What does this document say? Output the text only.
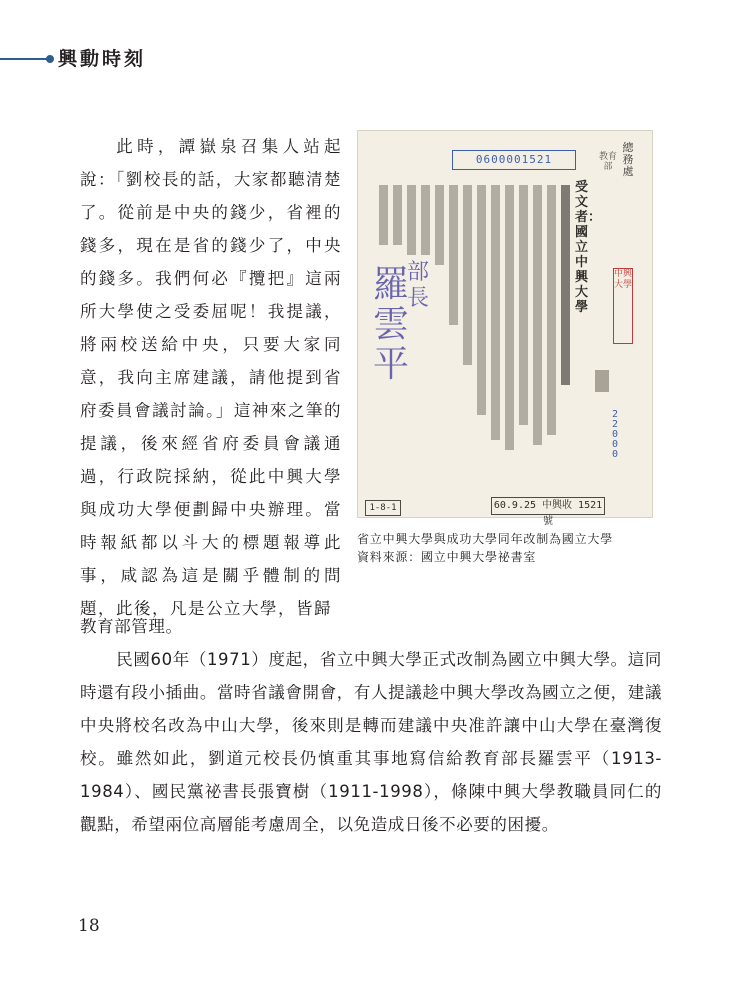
興動時刻

此時，譚嶽泉召集人站起說：「劉校長的話，大家都聽清楚了。從前是中央的錢少，省裡的錢多，現在是省的錢少了，中央的錢多。我們何必『攬把』這兩所大學使之受委屈呢！我提議，將兩校送給中央，只要大家同意，我向主席建議，請他提到省府委員會議討論。」這神來之筆的提議，後來經省府委員會議通過，行政院採納，從此中興大學與成功大學便劃歸中央辦理。當時報紙都以斗大的標題報導此事，咸認為這是關乎體制的問題，此後，凡是公立大學，皆歸

0600001521
總務處
教育部
中興大學
受文者：國立中興大學
22000
部長
羅雲平
1-8-1	60.9.25 中興收 1521 號
省立中興大學與成功大學同年改制為國立大學
資料來源：國立中興大學祕書室

教育部管理。

民國60年（1971）度起，省立中興大學正式改制為國立中興大學。這同時還有段小插曲。當時省議會開會，有人提議趁中興大學改為國立之便，建議中央將校名改為中山大學，後來則是轉而建議中央准許讓中山大學在臺灣復校。雖然如此，劉道元校長仍慎重其事地寫信給教育部長羅雲平（1913-1984）、國民黨祕書長張寶樹（1911-1998），條陳中興大學教職員同仁的觀點，希望兩位高層能考慮周全，以免造成日後不必要的困擾。

18
